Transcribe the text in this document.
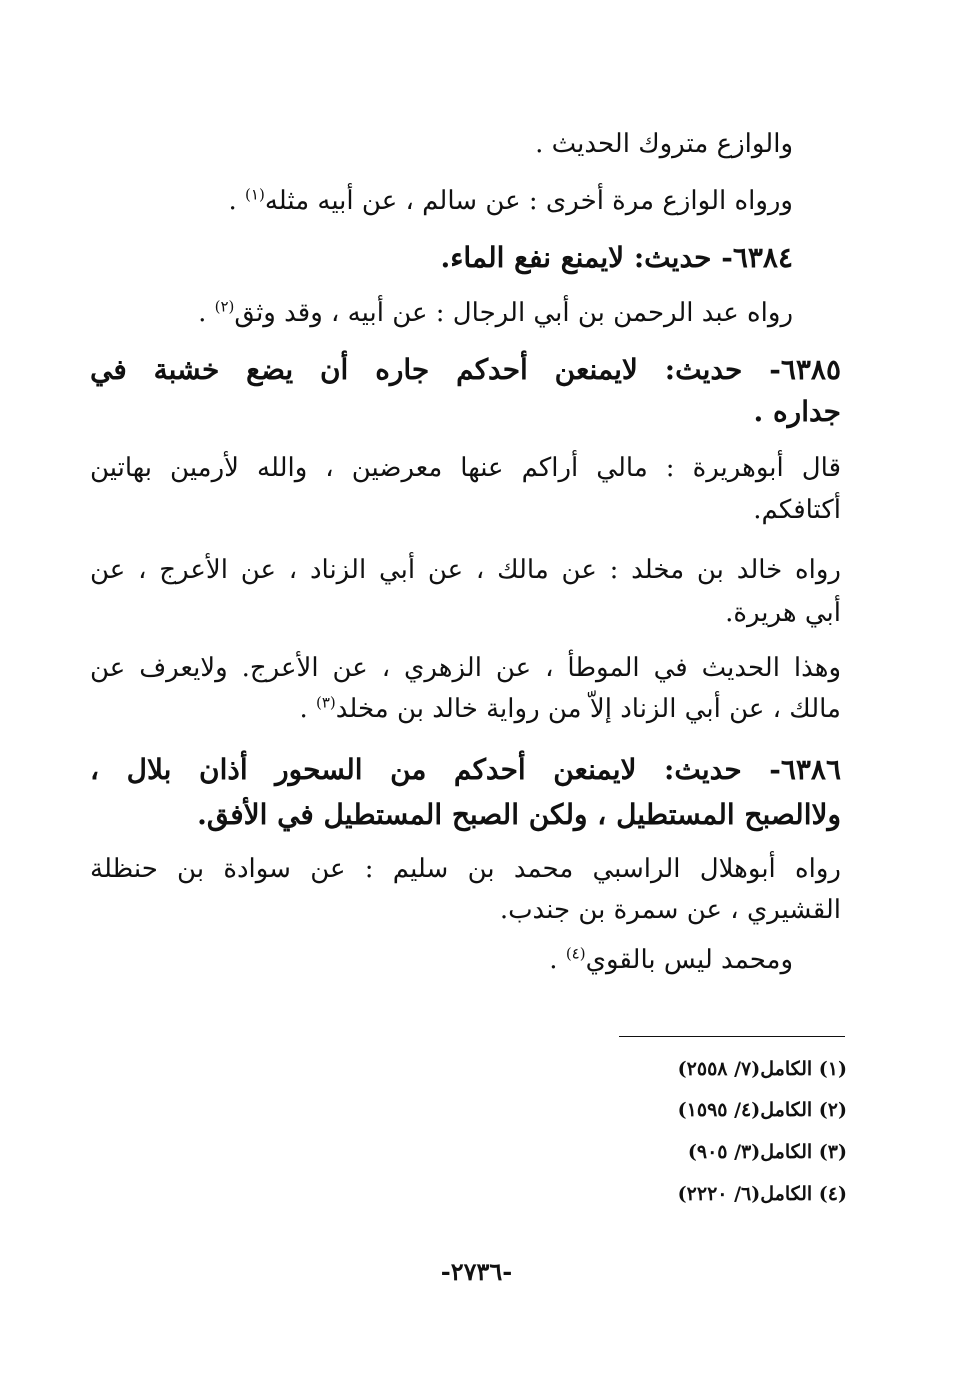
والوازع متروك الحديث .
ورواه الوازع مرة أخرى : عن سالم ، عن أبيه مثله$^{(١)}$ .
٦٣٨٤- حديث: لايمنع نفع الماء.
رواه عبد الرحمن بن أبي الرجال : عن أبيه ، وقد وثق$^{(٢)}$ .
٦٣٨٥- حديث: لايمنعن أحدكم جاره أن يضع خشبة في
جداره .
قال أبوهريرة : مالي أراكم عنها معرضين ، والله لأرمين بهاتين
أكتافكم.
رواه خالد بن مخلد : عن مالك ، عن أبي الزناد ، عن الأعرج ، عن
أبي هريرة.
وهذا الحديث في الموطأ ، عن الزهري ، عن الأعرج. ولايعرف عن
مالك ، عن أبي الزناد إلاّ من رواية خالد بن مخلد$^{(٣)}$ .
٦٣٨٦- حديث: لايمنعن أحدكم من السحور أذان بلال ،
ولاالصبح المستطيل ، ولكن الصبح المستطيل في الأفق.
رواه أبوهلال الراسبي محمد بن سليم : عن سوادة بن حنظلة
القشيري ، عن سمرة بن جندب.
ومحمد ليس بالقوي$^{(٤)}$ .
(١) الكامل(٧/ ٢٥٥٨)
(٢) الكامل(٤/ ١٥٩٥)
(٣) الكامل(٣/ ٩٠٥)
(٤) الكامل(٦/ ٢٢٢٠)
-٢٧٣٦-
